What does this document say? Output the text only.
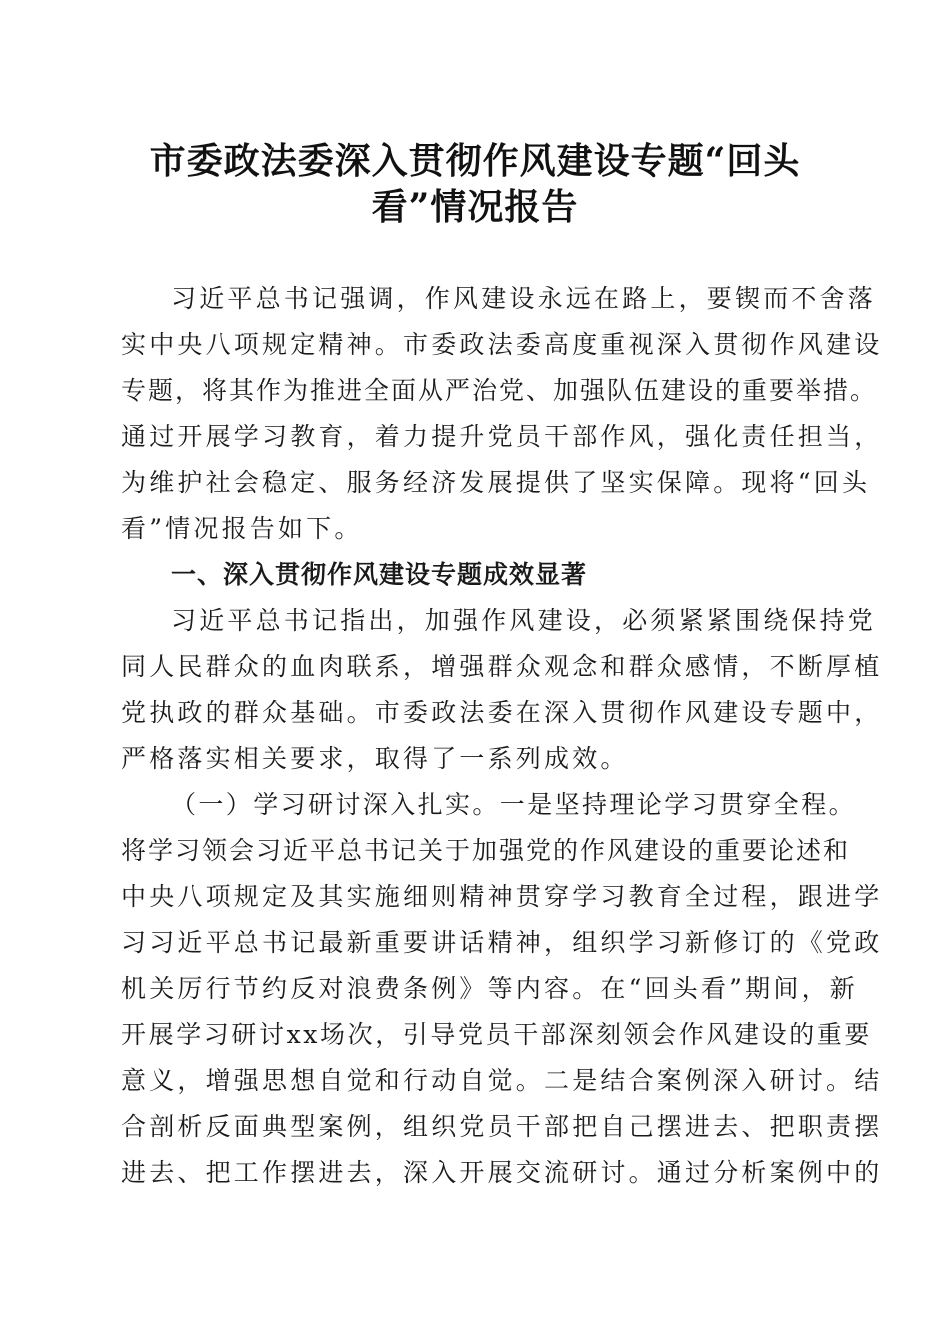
市委政法委深入贯彻作风建设专题“回头
看”情况报告
习近平总书记强调，作风建设永远在路上，要锲而不舍落
实中央八项规定精神。市委政法委高度重视深入贯彻作风建设
专题，将其作为推进全面从严治党、加强队伍建设的重要举措。
通过开展学习教育，着力提升党员干部作风，强化责任担当，
为维护社会稳定、服务经济发展提供了坚实保障。现将“回头
看”情况报告如下。
一、深入贯彻作风建设专题成效显著
习近平总书记指出，加强作风建设，必须紧紧围绕保持党
同人民群众的血肉联系，增强群众观念和群众感情，不断厚植
党执政的群众基础。市委政法委在深入贯彻作风建设专题中，
严格落实相关要求，取得了一系列成效。
（一）学习研讨深入扎实。一是坚持理论学习贯穿全程。
将学习领会习近平总书记关于加强党的作风建设的重要论述和
中央八项规定及其实施细则精神贯穿学习教育全过程，跟进学
习习近平总书记最新重要讲话精神，组织学习新修订的《党政
机关厉行节约反对浪费条例》等内容。在“回头看”期间，新
开展学习研讨xx场次，引导党员干部深刻领会作风建设的重要
意义，增强思想自觉和行动自觉。二是结合案例深入研讨。结
合剖析反面典型案例，组织党员干部把自己摆进去、把职责摆
进去、把工作摆进去，深入开展交流研讨。通过分析案例中的
